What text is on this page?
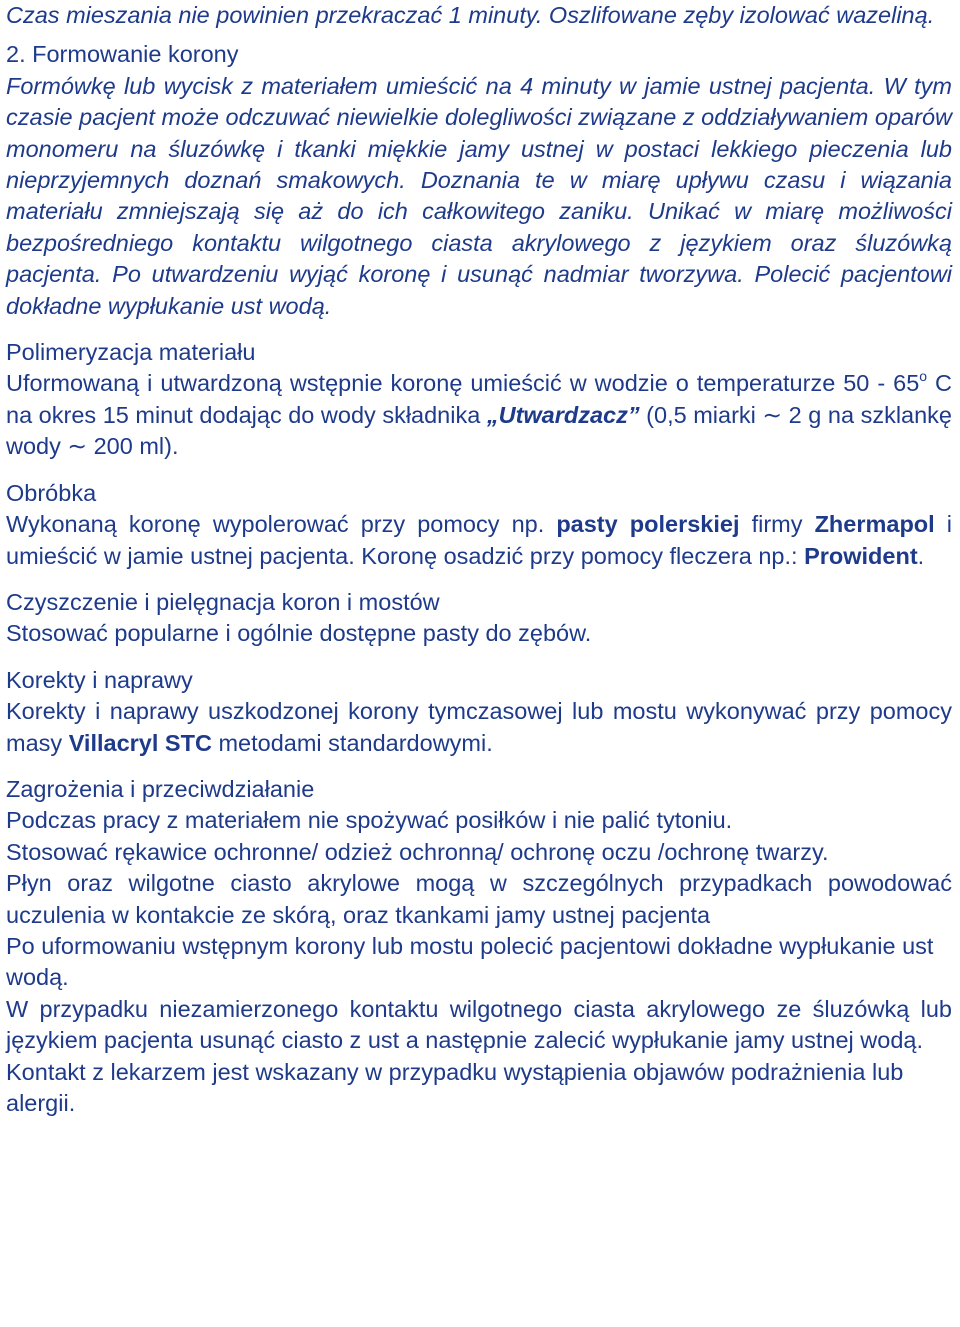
Czas mieszania nie powinien przekraczać 1 minuty. Oszlifowane zęby izolować wazeliną.

2. Formowanie korony

Formówkę lub wycisk z materiałem umieścić na 4 minuty w jamie ustnej pacjenta. W tym czasie pacjent może odczuwać niewielkie dolegliwości związane z oddziaływaniem oparów monomeru na śluzówkę i tkanki miękkie jamy ustnej w postaci lekkiego pieczenia lub nieprzyjemnych doznań smakowych. Doznania te w miarę upływu czasu i wiązania materiału zmniejszają się aż do ich całkowitego zaniku. Unikać w miarę możliwości bezpośredniego kontaktu wilgotnego ciasta akrylowego z językiem oraz śluzówką pacjenta. Po utwardzeniu wyjąć koronę i usunąć nadmiar tworzywa. Polecić pacjentowi dokładne wypłukanie ust wodą.

Polimeryzacja materiału

Uformowaną i utwardzoną wstępnie koronę umieścić w wodzie o temperaturze 50 - 65$^o$ C na okres 15 minut dodając do wody składnika „Utwardzacz” (0,5 miarki ∼ 2 g na szklankę wody ∼ 200 ml).

Obróbka

Wykonaną koronę wypolerować przy pomocy np. pasty polerskiej firmy Zhermapol i umieścić w jamie ustnej pacjenta. Koronę osadzić przy pomocy fleczera np.: Prowident.

Czyszczenie i pielęgnacja koron i mostów

Stosować popularne i ogólnie dostępne pasty do zębów.

Korekty i naprawy

Korekty i naprawy uszkodzonej korony tymczasowej lub mostu wykonywać przy pomocy masy Villacryl STC metodami standardowymi.

Zagrożenia i przeciwdziałanie

Podczas pracy z materiałem nie spożywać posiłków i nie palić tytoniu.

Stosować rękawice ochronne/ odzież ochronną/ ochronę oczu /ochronę twarzy.

Płyn oraz wilgotne ciasto akrylowe mogą w szczególnych przypadkach powodować uczulenia w kontakcie ze skórą, oraz tkankami jamy ustnej pacjenta

Po uformowaniu wstępnym korony lub mostu polecić pacjentowi dokładne wypłukanie ust wodą.

W przypadku niezamierzonego kontaktu wilgotnego ciasta akrylowego ze śluzówką lub językiem pacjenta usunąć ciasto z ust a następnie zalecić wypłukanie jamy ustnej wodą.

Kontakt z lekarzem jest wskazany w przypadku wystąpienia objawów podrażnienia lub alergii.
